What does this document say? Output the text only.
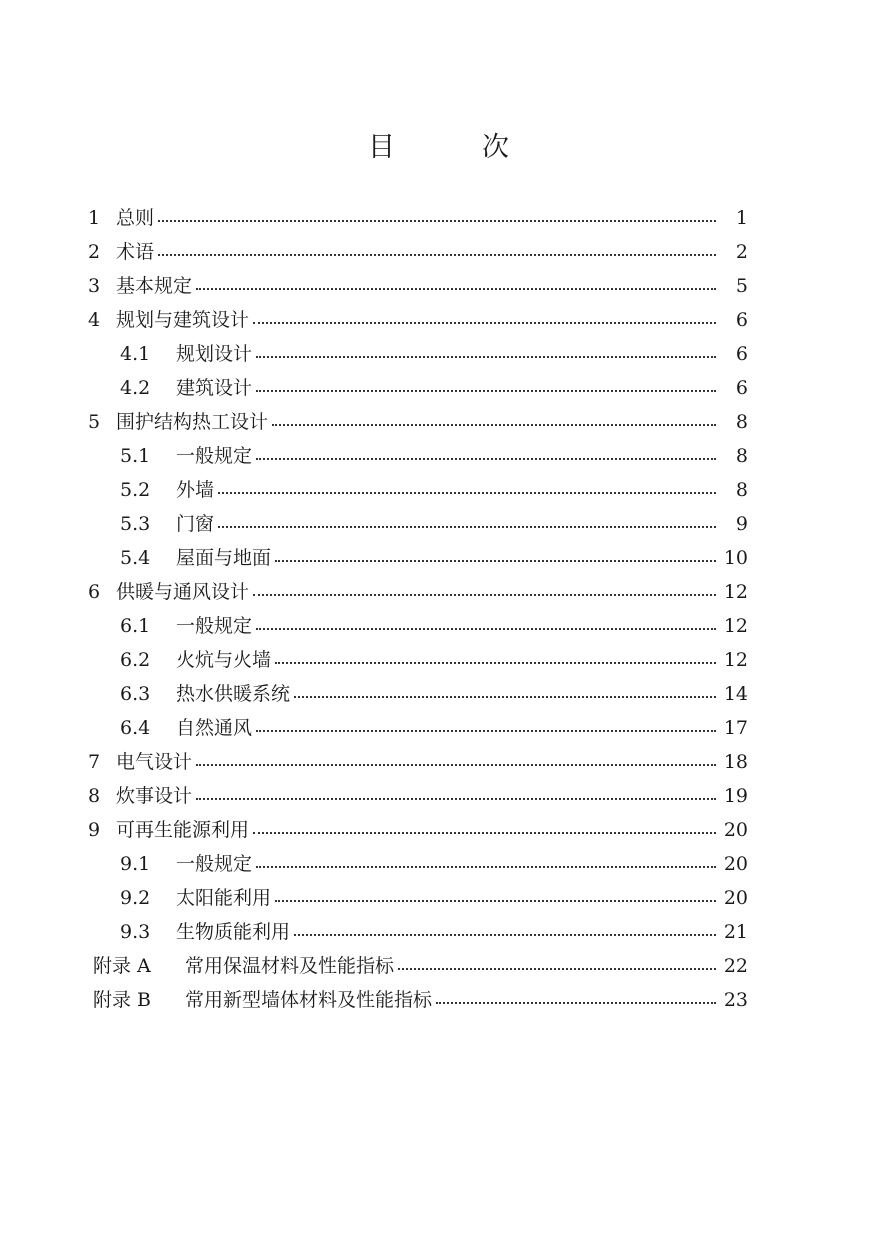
目　次
1 总则	1
2 术语	2
3 基本规定	5
4 规划与建筑设计	6
4.1	规划设计	6
4.2	建筑设计	6
5 围护结构热工设计	8
5.1	一般规定	8
5.2	外墙	8
5.3	门窗	9
5.4	屋面与地面	10
6 供暖与通风设计	12
6.1	一般规定	12
6.2	火炕与火墙	12
6.3	热水供暖系统	14
6.4	自然通风	17
7 电气设计	18
8 炊事设计	19
9 可再生能源利用	20
9.1	一般规定	20
9.2	太阳能利用	20
9.3	生物质能利用	21
附录 A	常用保温材料及性能指标	22
附录 B	常用新型墙体材料及性能指标	23
